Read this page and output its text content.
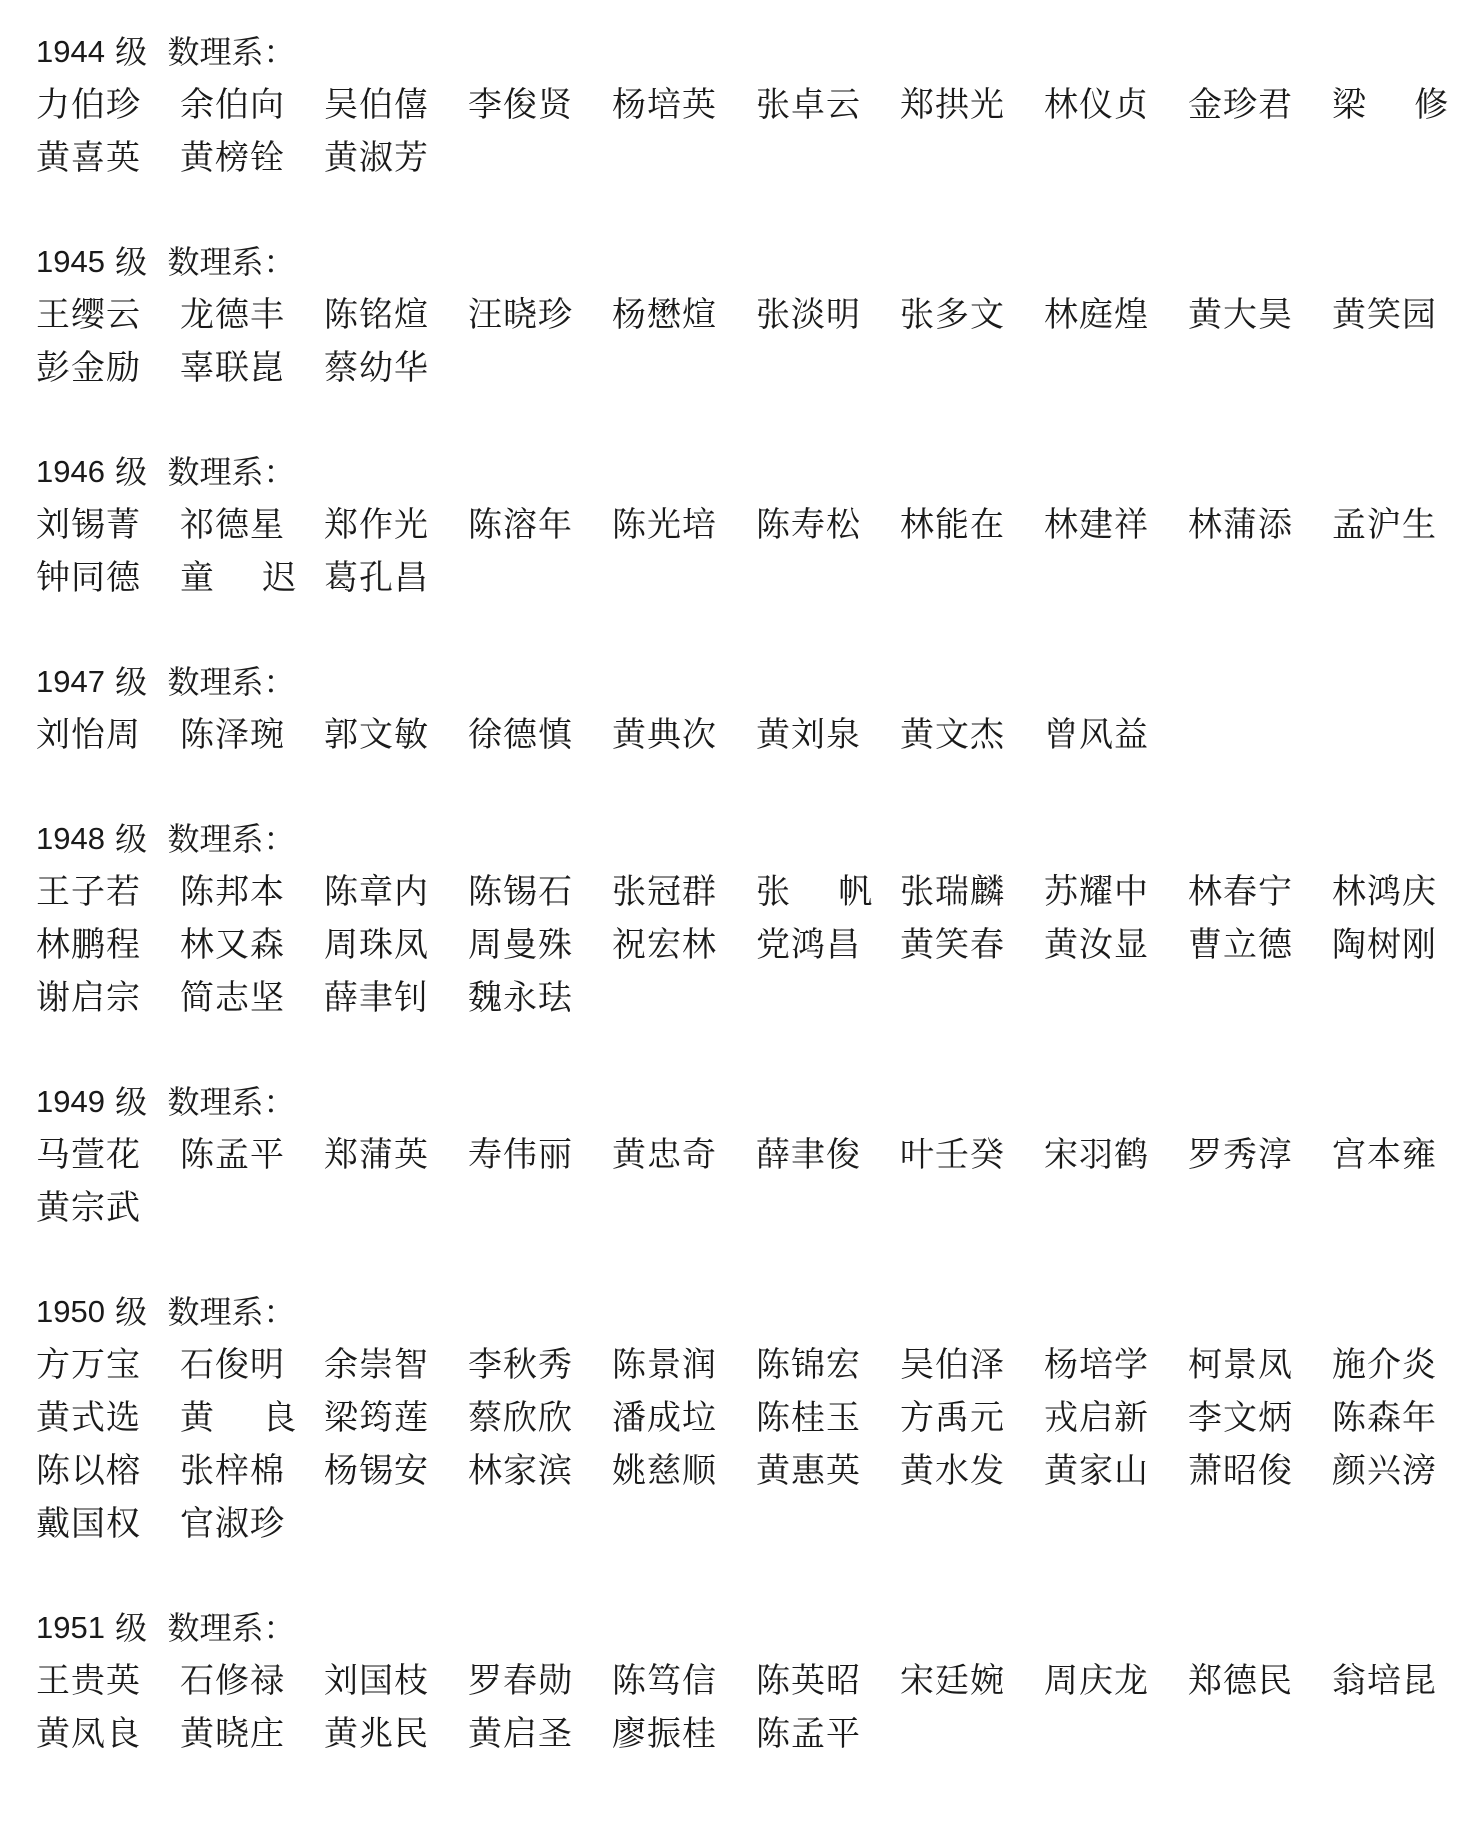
1944 级  数理系：
力伯珍	余伯向	吴伯僖	李俊贤	杨培英	张卓云	郑拱光	林仪贞	金珍君	梁    修
黄喜英	黄榜铨	黄淑芳
1945 级  数理系：
王缨云	龙德丰	陈铭煊	汪晓珍	杨懋煊	张淡明	张多文	林庭煌	黄大昊	黄笑园
彭金励	辜联崑	蔡幼华
1946 级  数理系：
刘锡菁	祁德星	郑作光	陈溶年	陈光培	陈寿松	林能在	林建祥	林蒲添	孟沪生
钟同德	童    迟 葛孔昌
1947 级  数理系：
刘怡周	陈泽琬	郭文敏	徐德慎	黄典次	黄刘泉	黄文杰	曾风益
1948 级  数理系：
王子若	陈邦本	陈章内	陈锡石	张冠群	张    帆 张瑞麟	苏耀中	林春宁	林鸿庆
林鹏程	林又森	周珠凤	周曼殊	祝宏林	党鸿昌	黄笑春	黄汝显	曹立德	陶树刚
谢启宗	简志坚	薛聿钊	魏永珐
1949 级  数理系：
马萱花	陈孟平	郑蒲英	寿伟丽	黄忠奇	薛聿俊	叶壬癸	宋羽鹤	罗秀淳	宫本雍
黄宗武
1950 级  数理系：
方万宝	石俊明	余崇智	李秋秀	陈景润	陈锦宏	吴伯泽	杨培学	柯景凤	施介炎
黄式选	黄    良 梁筠莲	蔡欣欣	潘成垃	陈桂玉	方禹元	戎启新	李文炳	陈森年
陈以榕	张梓棉	杨锡安	林家滨	姚慈顺	黄惠英	黄水发	黄家山	萧昭俊	颜兴滂
戴国权	官淑珍
1951 级  数理系：
王贵英	石修禄	刘国枝	罗春勋	陈笃信	陈英昭	宋廷婉	周庆龙	郑德民	翁培昆
黄凤良	黄晓庄	黄兆民	黄启圣	廖振桂	陈孟平
